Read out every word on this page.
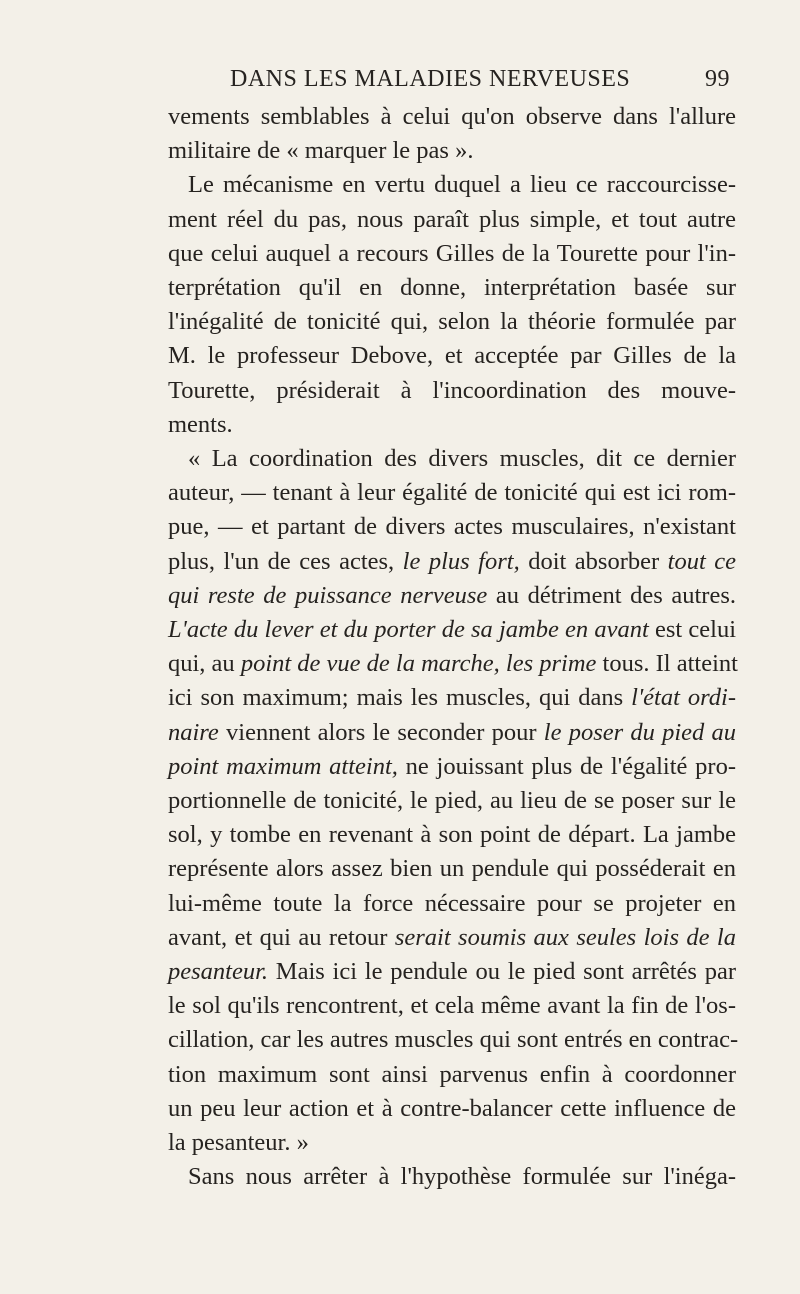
DANS LES MALADIES NERVEUSES	99
vements semblables à celui qu'on observe dans l'allure
militaire de « marquer le pas ».
Le mécanisme en vertu duquel a lieu ce raccourcisse-
ment réel du pas, nous paraît plus simple, et tout autre
que celui auquel a recours Gilles de la Tourette pour l'in-
terprétation qu'il en donne, interprétation basée sur
l'inégalité de tonicité qui, selon la théorie formulée par
M. le professeur Debove, et acceptée par Gilles de la
Tourette, présiderait à l'incoordination des mouve-
ments.
« La coordination des divers muscles, dit ce dernier
auteur, — tenant à leur égalité de tonicité qui est ici rom-
pue, — et partant de divers actes musculaires, n'existant
plus, l'un de ces actes, le plus fort, doit absorber tout ce
qui reste de puissance nerveuse au détriment des autres.
L'acte du lever et du porter de sa jambe en avant est celui
qui, au point de vue de la marche, les prime tous. Il atteint
ici son maximum; mais les muscles, qui dans l'état ordi-
naire viennent alors le seconder pour le poser du pied au
point maximum atteint, ne jouissant plus de l'égalité pro-
portionnelle de tonicité, le pied, au lieu de se poser sur le
sol, y tombe en revenant à son point de départ. La jambe
représente alors assez bien un pendule qui posséderait en
lui-même toute la force nécessaire pour se projeter en
avant, et qui au retour serait soumis aux seules lois de la
pesanteur. Mais ici le pendule ou le pied sont arrêtés par
le sol qu'ils rencontrent, et cela même avant la fin de l'os-
cillation, car les autres muscles qui sont entrés en contrac-
tion maximum sont ainsi parvenus enfin à coordonner
un peu leur action et à contre-balancer cette influence de
la pesanteur. »
Sans nous arrêter à l'hypothèse formulée sur l'inéga-
